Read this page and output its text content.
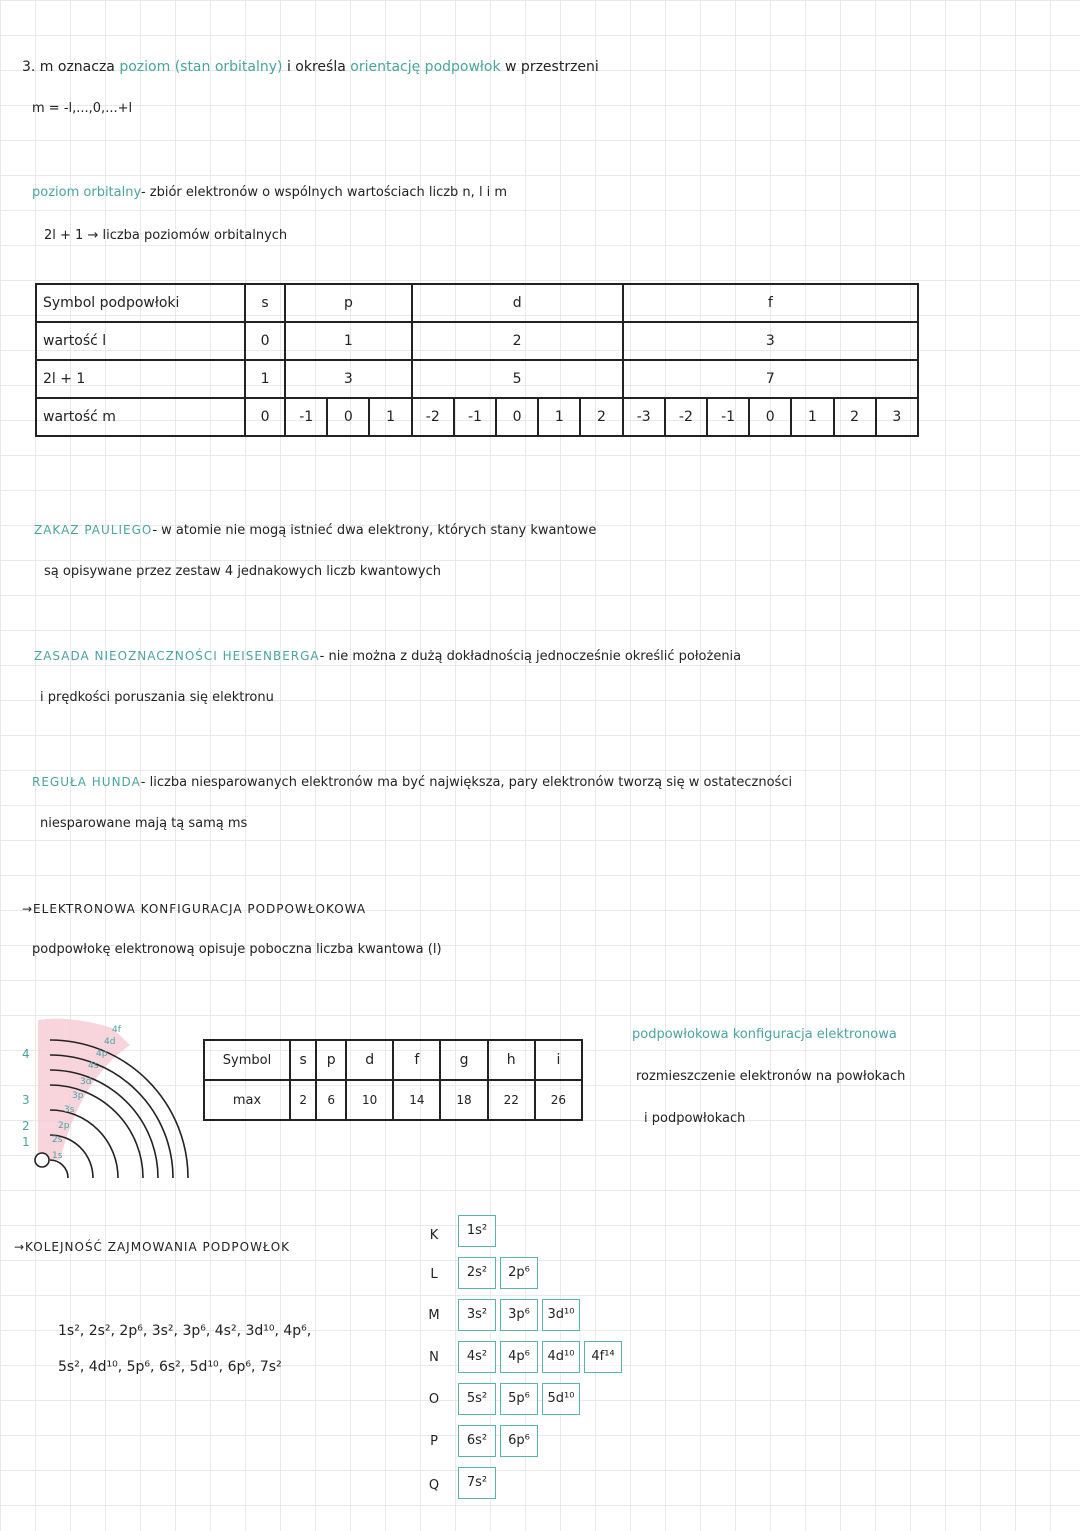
3. m oznacza poziom (stan orbitalny) i określa orientację podpowłok w przestrzeni
m = -l,...,0,...+l
poziom orbitalny- zbiór elektronów o wspólnych wartościach liczb n, l i m
2l + 1 → liczba poziomów orbitalnych
Symbol podpowłoki	s	p			d					f						
wartość l	0	1			2					3						
2l + 1	1	3			5					7						
wartość m	0	-1	0	1	-2	-1	0	1	2	-3	-2	-1	0	1	2	3
ZAKAZ PAULIEGO- w atomie nie mogą istnieć dwa elektrony, których stany kwantowe
są opisywane przez zestaw 4 jednakowych liczb kwantowych
ZASADA NIEOZNACZNOŚCI HEISENBERGA- nie można z dużą dokładnością jednocześnie określić położenia
i prędkości poruszania się elektronu
REGUŁA HUNDA- liczba niesparowanych elektronów ma być największa, pary elektronów tworzą się w ostateczności
niesparowane mają tą samą ms
→ELEKTRONOWA KONFIGURACJA PODPOWŁOKOWA
podpowłokę elektronową opisuje poboczna liczba kwantowa (l)
4f
4d
4p
4s
3d
3p
3s
2p
2s
1s
4
3
2
1
Symbol	s	p	d	f	g	h	i
max	2	6	10	14	18	22	26
podpowłokowa konfiguracja elektronowa
rozmieszczenie elektronów na powłokach
i podpowłokach
→KOLEJNOŚĆ ZAJMOWANIA PODPOWŁOK
1s², 2s², 2p⁶, 3s², 3p⁶, 4s², 3d¹⁰, 4p⁶,
5s², 4d¹⁰, 5p⁶, 6s², 5d¹⁰, 6p⁶, 7s²
K
L
M
N
O
P
Q
1s²
2s²	2p⁶
3s²	3p⁶	3d¹⁰
4s²	4p⁶	4d¹⁰	4f¹⁴
5s²	5p⁶	5d¹⁰
6s²	6p⁶
7s²
